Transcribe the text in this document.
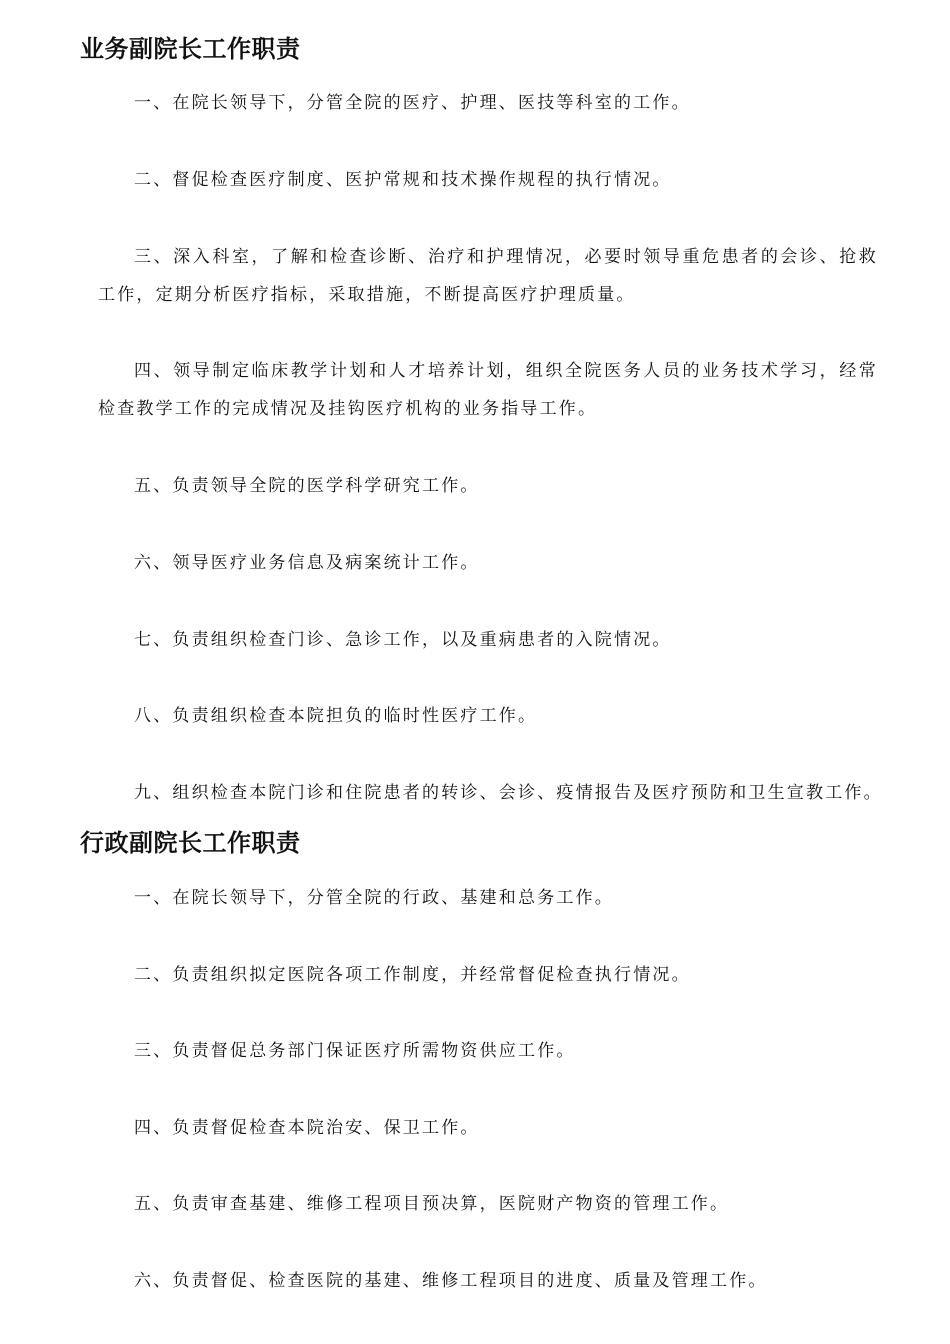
业务副院长工作职责

一、在院长领导下，分管全院的医疗、护理、医技等科室的工作。

二、督促检查医疗制度、医护常规和技术操作规程的执行情况。

三、深入科室，了解和检查诊断、治疗和护理情况，必要时领导重危患者的会诊、抢救工作，定期分析医疗指标，采取措施，不断提高医疗护理质量。

四、领导制定临床教学计划和人才培养计划，组织全院医务人员的业务技术学习，经常检查教学工作的完成情况及挂钩医疗机构的业务指导工作。

五、负责领导全院的医学科学研究工作。

六、领导医疗业务信息及病案统计工作。

七、负责组织检查门诊、急诊工作，以及重病患者的入院情况。

八、负责组织检查本院担负的临时性医疗工作。

九、组织检查本院门诊和住院患者的转诊、会诊、疫情报告及医疗预防和卫生宣教工作。

行政副院长工作职责

一、在院长领导下，分管全院的行政、基建和总务工作。

二、负责组织拟定医院各项工作制度，并经常督促检查执行情况。

三、负责督促总务部门保证医疗所需物资供应工作。

四、负责督促检查本院治安、保卫工作。

五、负责审查基建、维修工程项目预决算，医院财产物资的管理工作。

六、负责督促、检查医院的基建、维修工程项目的进度、质量及管理工作。
